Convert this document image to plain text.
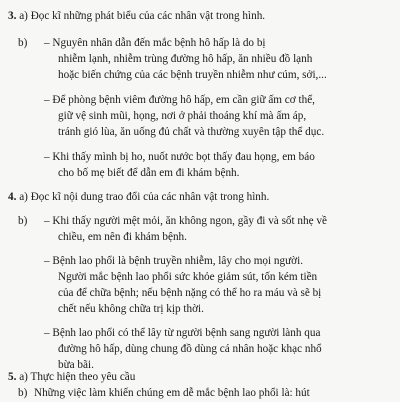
3. a) Đọc kĩ những phát biểu của các nhân vật trong hình.
b) – Nguyên nhân dẫn đến mắc bệnh hô hấp là do bị
nhiễm lạnh, nhiễm trùng đường hô hấp, ăn nhiều đồ lạnh
hoặc biến chứng của các bệnh truyền nhiễm như cúm, sởi,...
– Để phòng bệnh viêm đường hô hấp, em cần giữ ấm cơ thể,
giữ vệ sinh mũi, họng, nơi ở phải thoáng khí mà ấm áp,
tránh gió lùa, ăn uống đủ chất và thường xuyên tập thể dục.
– Khi thấy mình bị ho, nuốt nước bọt thấy đau họng, em báo
cho bố mẹ biết để dẫn em đi khám bệnh.
4. a) Đọc kĩ nội dung trao đổi của các nhân vật trong hình.
b) – Khi thấy người mệt mỏi, ăn không ngon, gầy đi và sốt nhẹ về
chiều, em nên đi khám bệnh.
– Bệnh lao phổi là bệnh truyền nhiễm, lây cho mọi người.
Người mắc bệnh lao phổi sức khỏe giảm sút, tốn kém tiền
của để chữa bệnh; nếu bệnh nặng có thể ho ra máu và sẽ bị
chết nếu không chữa trị kịp thời.
– Bệnh lao phổi có thể lây từ người bệnh sang người lành qua
đường hô hấp, dùng chung đồ dùng cá nhân hoặc khạc nhổ
bừa bãi.
5. a) Thực hiện theo yêu cầu
b) Những việc làm khiến chúng em dễ mắc bệnh lao phổi là: hút
